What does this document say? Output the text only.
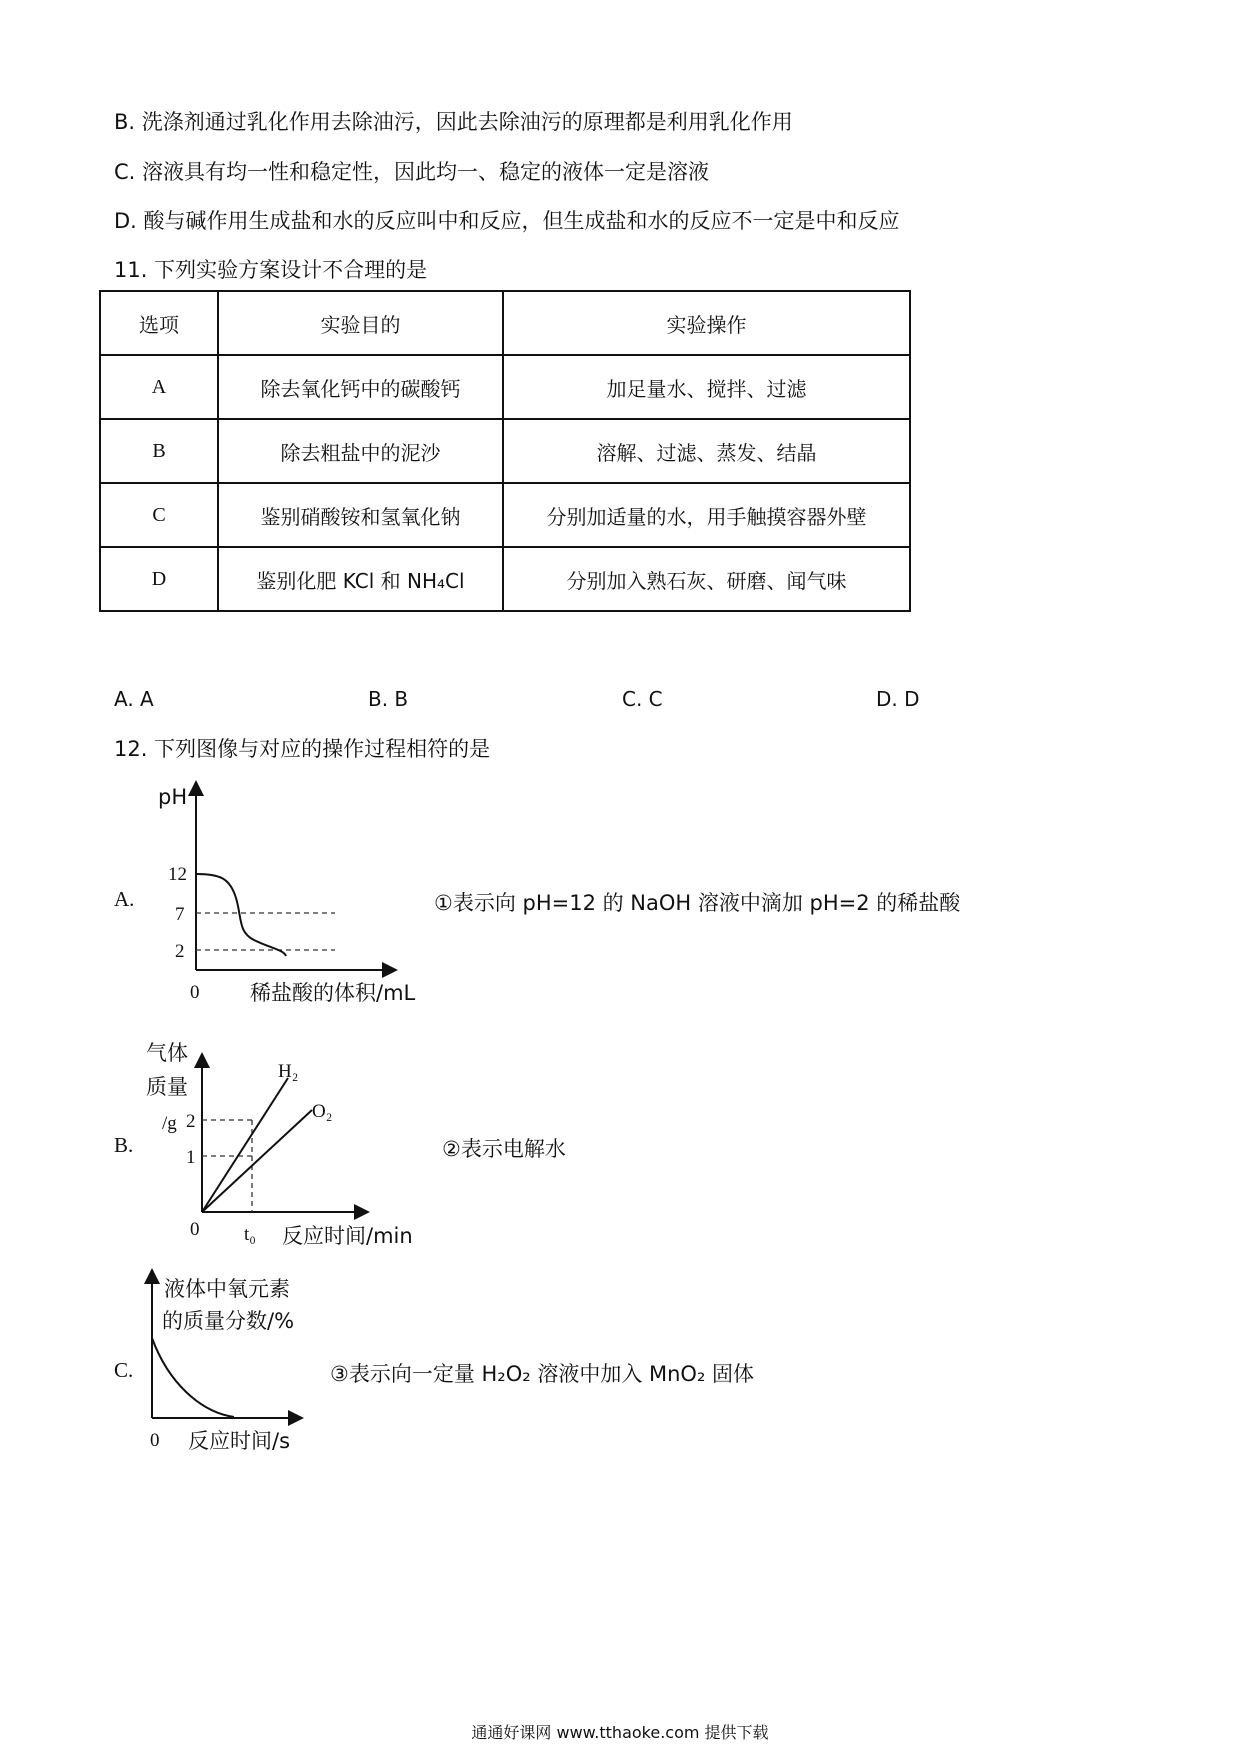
B. 洗涤剂通过乳化作用去除油污，因此去除油污的原理都是利用乳化作用
C. 溶液具有均一性和稳定性，因此均一、稳定的液体一定是溶液
D. 酸与碱作用生成盐和水的反应叫中和反应，但生成盐和水的反应不一定是中和反应
11. 下列实验方案设计不合理的是
选项	实验目的	实验操作
A	除去氧化钙中的碳酸钙	加足量水、搅拌、过滤
B	除去粗盐中的泥沙	溶解、过滤、蒸发、结晶
C	鉴别硝酸铵和氢氧化钠	分别加适量的水，用手触摸容器外壁
D	鉴别化肥 KCl 和 NH₄Cl	分别加入熟石灰、研磨、闻气味
A. A	B. B	C. C	D. D
12. 下列图像与对应的操作过程相符的是
A.
pH
12
7
2
0 稀盐酸的体积/mL
①表示向 pH=12 的 NaOH 溶液中滴加 pH=2 的稀盐酸
B.
气体
质量
/g 2
1
0 t₀ 反应时间/min
H₂
O₂
②表示电解水
C.
液体中氧元素
的质量分数/%
0 反应时间/s
③表示向一定量 H₂O₂ 溶液中加入 MnO₂ 固体
通通好课网 www.tthaoke.com 提供下载
